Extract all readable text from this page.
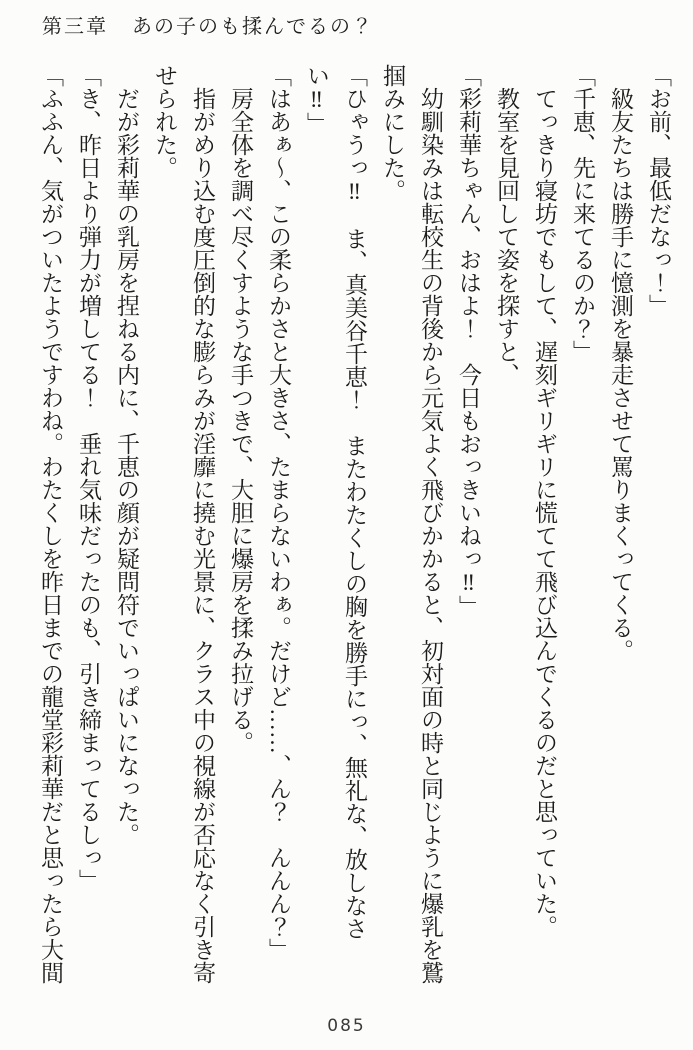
第三章 あの子のも揉んでるの？
「お前、最低だなっ！」
級友たちは勝手に憶測を暴走させて罵りまくってくる。
「千恵、先に来てるのか？」
てっきり寝坊でもして、遅刻ギリギリに慌てて飛び込んでくるのだと思っていた。
教室を見回して姿を探すと、
「彩莉華ちゃん、おはよ！　今日もおっきいねっ‼」
幼馴染みは転校生の背後から元気よく飛びかかると、初対面の時と同じように爆乳を鷲
掴みにした。
「ひゃうっ‼　ま、真美谷千恵！　またわたくしの胸を勝手にっ、無礼な、放しなさ
い‼」
「はあぁ～、この柔らかさと大きさ、たまらないわぁ。だけど……、ん？　んんん？」
房全体を調べ尽くすような手つきで、大胆に爆房を揉み拉げる。
指がめり込む度圧倒的な膨らみが淫靡に撓む光景に、クラス中の視線が否応なく引き寄
せられた。
だが彩莉華の乳房を捏ねる内に、千恵の顔が疑問符でいっぱいになった。
「き、昨日より弾力が増してる！　垂れ気味だったのも、引き締まってるしっ」
「ふふん、気がついたようですわね。わたくしを昨日までの龍堂彩莉華だと思ったら大間
085
